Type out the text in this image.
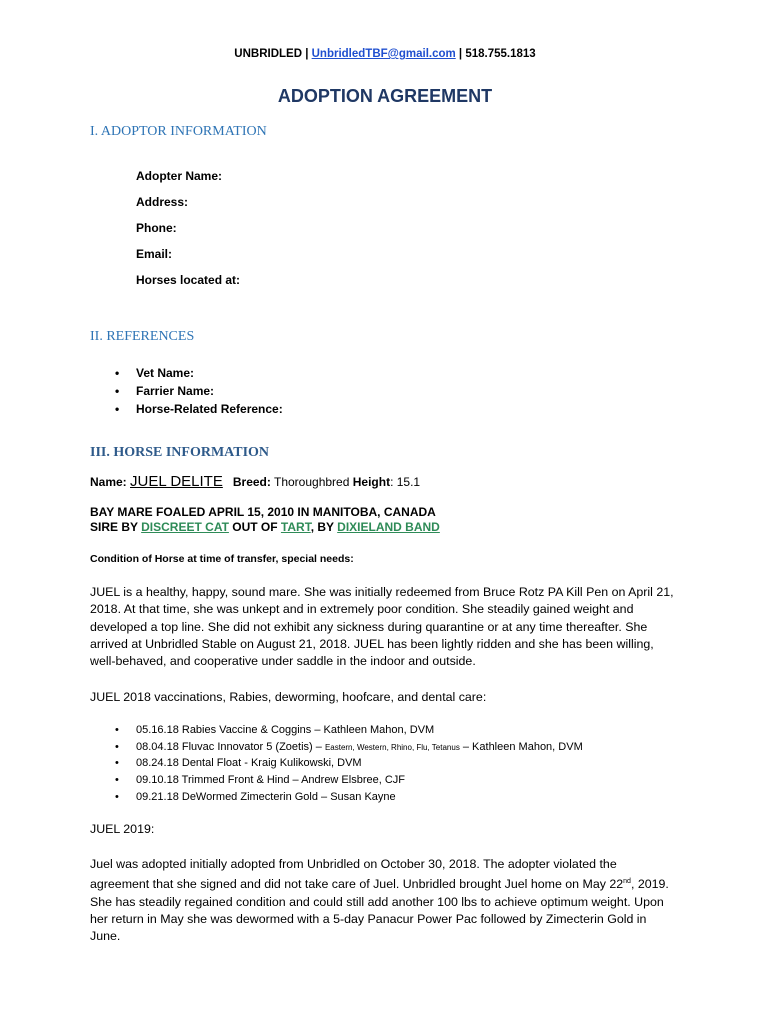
UNBRIDLED | UnbridledTBF@gmail.com | 518.755.1813
ADOPTION AGREEMENT
I. ADOPTOR INFORMATION
Adopter Name:
Address:
Phone:
Email:
Horses located at:
II. REFERENCES
• Vet Name:
• Farrier Name:
• Horse-Related Reference:
III. HORSE INFORMATION
Name: JUEL DELITE Breed: Thoroughbred Height: 15.1
BAY MARE FOALED APRIL 15, 2010 IN MANITOBA, CANADA
SIRE BY DISCREET CAT OUT OF TART, BY DIXIELAND BAND
Condition of Horse at time of transfer, special needs:
JUEL is a healthy, happy, sound mare. She was initially redeemed from Bruce Rotz PA Kill Pen on April 21, 2018. At that time, she was unkept and in extremely poor condition. She steadily gained weight and developed a top line. She did not exhibit any sickness during quarantine or at any time thereafter. She arrived at Unbridled Stable on August 21, 2018. JUEL has been lightly ridden and she has been willing, well-behaved, and cooperative under saddle in the indoor and outside.
JUEL 2018 vaccinations, Rabies, deworming, hoofcare, and dental care:
• 05.16.18 Rabies Vaccine & Coggins – Kathleen Mahon, DVM
• 08.04.18 Fluvac Innovator 5 (Zoetis) – Eastern, Western, Rhino, Flu, Tetanus – Kathleen Mahon, DVM
• 08.24.18 Dental Float - Kraig Kulikowski, DVM
• 09.10.18 Trimmed Front & Hind – Andrew Elsbree, CJF
• 09.21.18 DeWormed Zimecterin Gold – Susan Kayne
JUEL 2019:
Juel was adopted initially adopted from Unbridled on October 30, 2018. The adopter violated the agreement that she signed and did not take care of Juel. Unbridled brought Juel home on May 22nd, 2019. She has steadily regained condition and could still add another 100 lbs to achieve optimum weight. Upon her return in May she was dewormed with a 5-day Panacur Power Pac followed by Zimecterin Gold in June.
